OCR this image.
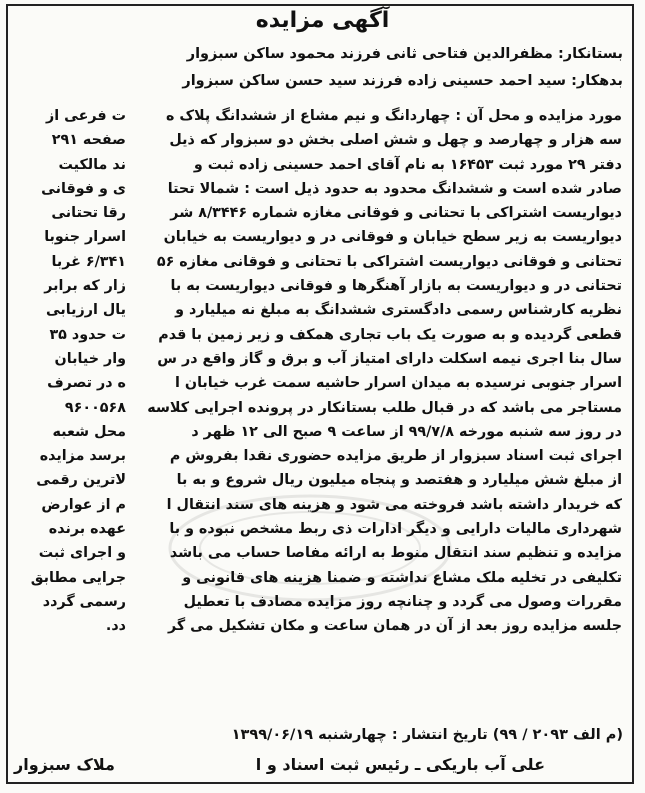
آگهی مزایده
بستانکار: مظفرالدین فتاحی ثانی فرزند محمود ساکن سبزوار
بدهکار: سید احمد حسینی زاده فرزند سید حسن ساکن سبزوار
مورد مزایده و محل آن : چهاردانگ و نیم مشاع از ششدانگ پلاک ه
سه هزار و چهارصد و چهل و شش اصلی بخش دو سبزوار که ذیل
دفتر ۲۹ مورد ثبت ۱۶۴۵۳ به نام آقای احمد حسینی زاده ثبت و
صادر شده است و ششدانگ محدود به حدود ذیل است : شمالا تحتا
دیواریست اشتراکی با تحتانی و فوقانی مغازه شماره ۸/۳۴۴۶ شر
دیواریست به زیر سطح خیابان و فوقانی در و دیواریست به خیابان
تحتانی و فوقانی دیواریست اشتراکی با تحتانی و فوقانی مغازه ۵۶
تحتانی در و دیواریست به بازار آهنگرها و فوقانی دیواریست به با
نظریه کارشناس رسمی دادگستری ششدانگ به مبلغ نه میلیارد و
قطعی گردیده و به صورت یک باب تجاری همکف و زیر زمین با قدم
سال بنا اجری نیمه اسکلت دارای امتیاز آب و برق و گاز واقع در س
اسرار جنوبی نرسیده به میدان اسرار حاشیه سمت غرب خیابان ا
مستاجر می باشد که در قبال طلب بستانکار در پرونده اجرایی کلاسه
در روز سه شنبه مورخه ۹۹/۷/۸ از ساعت ۹ صبح الی ۱۲ ظهر د
اجرای ثبت اسناد سبزوار از طریق مزایده حضوری نقدا بفروش م
از مبلغ شش میلیارد و هفتصد و پنجاه میلیون ریال شروع و به با
که خریدار داشته باشد فروخته می شود و هزینه های سند انتقال ا
شهرداری مالیات دارایی و دیگر ادارات ذی ربط مشخص نبوده و با
مزایده و تنظیم سند انتقال منوط به ارائه مفاصا حساب می باشد
تکلیفی در تخلیه ملک مشاع نداشته و ضمنا هزینه های قانونی و
مقررات وصول می گردد و چنانچه روز مزایده مصادف با تعطیل
جلسه مزایده روز بعد از آن در همان ساعت و مکان تشکیل می گر
ت فرعی از
صفحه ۲۹۱
ند مالکیت
ی و فوقانی
رقا تحتانی
اسرار جنوبا
۶/۳۴۱ غربا
زار که برابر
یال ارزیابی
ت حدود ۳۵
وار خیابان
ه در تصرف
۹۶۰۰۵۶۸
محل شعبه
برسد مزایده
لاترین رقمی
م از عوارض
عهده برنده
و اجرای ثبت
جرایی مطابق
رسمی گردد
دد.
(م الف ۲۰۹۳ / ۹۹) تاریخ انتشار : چهارشنبه ۱۳۹۹/۰۶/۱۹
علی آب باریکی ـ رئیس ثبت اسناد و ا
ملاک سبزوار
